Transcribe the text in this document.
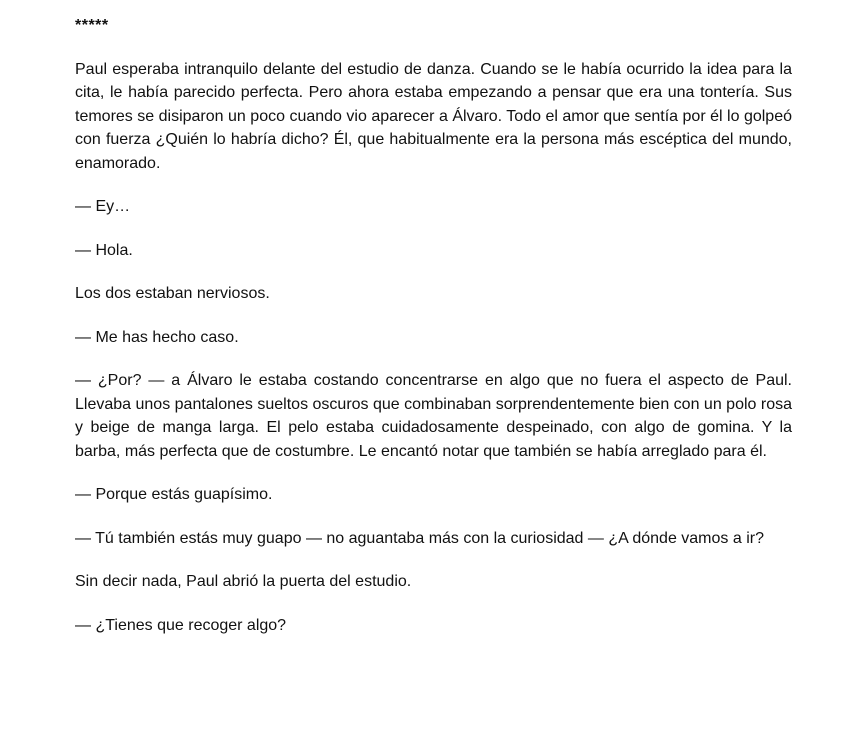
*****

Paul esperaba intranquilo delante del estudio de danza. Cuando se le había ocurrido la idea para la cita, le había parecido perfecta. Pero ahora estaba empezando a pensar que era una tontería. Sus temores se disiparon un poco cuando vio aparecer a Álvaro. Todo el amor que sentía por él lo golpeó con fuerza ¿Quién lo habría dicho? Él, que habitualmente era la persona más escéptica del mundo, enamorado.

— Ey…

— Hola.

Los dos estaban nerviosos.

— Me has hecho caso.

— ¿Por? — a Álvaro le estaba costando concentrarse en algo que no fuera el aspecto de Paul. Llevaba unos pantalones sueltos oscuros que combinaban sorprendentemente bien con un polo rosa y beige de manga larga. El pelo estaba cuidadosamente despeinado, con algo de gomina. Y la barba, más perfecta que de costumbre. Le encantó notar que también se había arreglado para él.

— Porque estás guapísimo.

— Tú también estás muy guapo — no aguantaba más con la curiosidad — ¿A dónde vamos a ir?

Sin decir nada, Paul abrió la puerta del estudio.

— ¿Tienes que recoger algo?
